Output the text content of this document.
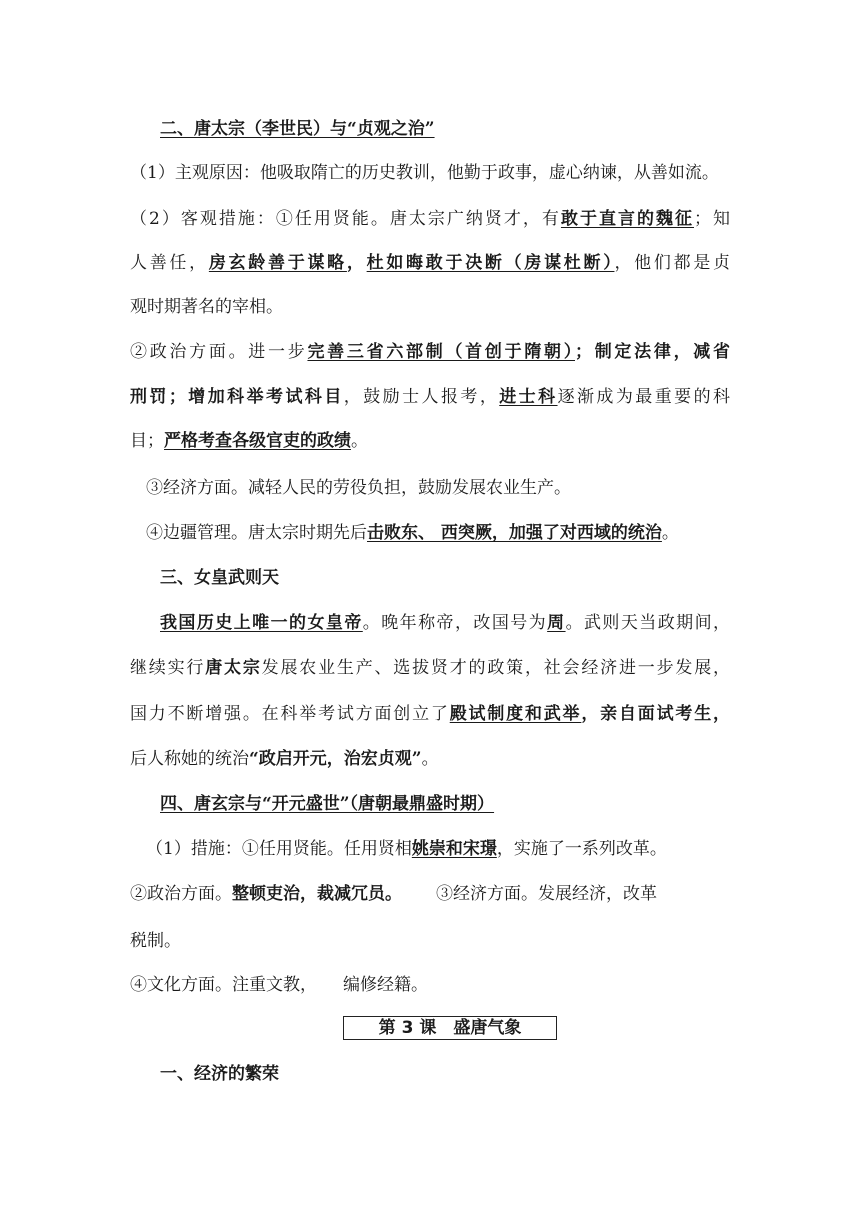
二、唐太宗（李世民）与“贞观之治”
（1）主观原因：他吸取隋亡的历史教训，他勤于政事，虚心纳谏，从善如流。
（2）客观措施：①任用贤能。唐太宗广纳贤才，有敢于直言的魏征；知
人善任，房玄龄善于谋略，杜如晦敢于决断（房谋杜断），他们都是贞
观时期著名的宰相。
②政治方面。进一步完善三省六部制（首创于隋朝）；制定法律，减省
刑罚；增加科举考试科目，鼓励士人报考，进士科逐渐成为最重要的科
目；严格考查各级官吏的政绩。
③经济方面。减轻人民的劳役负担，鼓励发展农业生产。
④边疆管理。唐太宗时期先后击败东、 西突厥，加强了对西域的统治。
三、女皇武则天
我国历史上唯一的女皇帝。晚年称帝，改国号为周。武则天当政期间，
继续实行唐太宗发展农业生产、选拔贤才的政策，社会经济进一步发展，
国力不断增强。在科举考试方面创立了殿试制度和武举，亲自面试考生，
后人称她的统治“政启开元，治宏贞观”。
四、唐玄宗与“开元盛世”（唐朝最鼎盛时期）
（1）措施：①任用贤能。任用贤相姚崇和宋璟，实施了一系列改革。
②政治方面。整顿吏治，裁减冗员。 ③经济方面。发展经济，改革
税制。
④文化方面。注重文教， 编修经籍。
第 3 课　盛唐气象
一、经济的繁荣
